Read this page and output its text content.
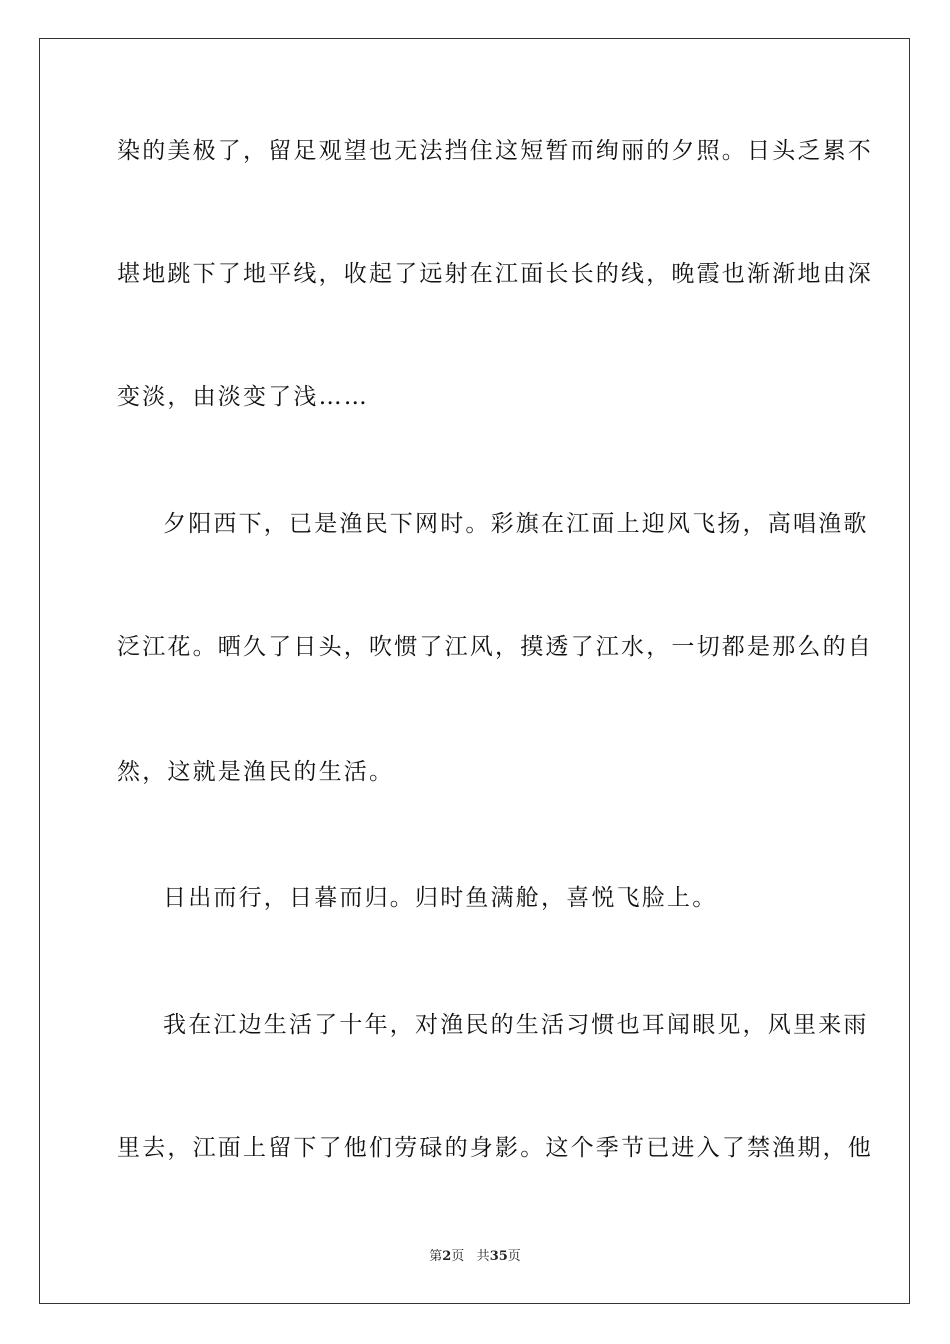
染的美极了，留足观望也无法挡住这短暂而绚丽的夕照。日头乏累不
堪地跳下了地平线，收起了远射在江面长长的线，晚霞也渐渐地由深
变淡，由淡变了浅……
夕阳西下，已是渔民下网时。彩旗在江面上迎风飞扬，高唱渔歌
泛江花。晒久了日头，吹惯了江风，摸透了江水，一切都是那么的自
然，这就是渔民的生活。
日出而行，日暮而归。归时鱼满舱，喜悦飞脸上。
我在江边生活了十年，对渔民的生活习惯也耳闻眼见，风里来雨
里去，江面上留下了他们劳碌的身影。这个季节已进入了禁渔期，他
第2页 共35页
